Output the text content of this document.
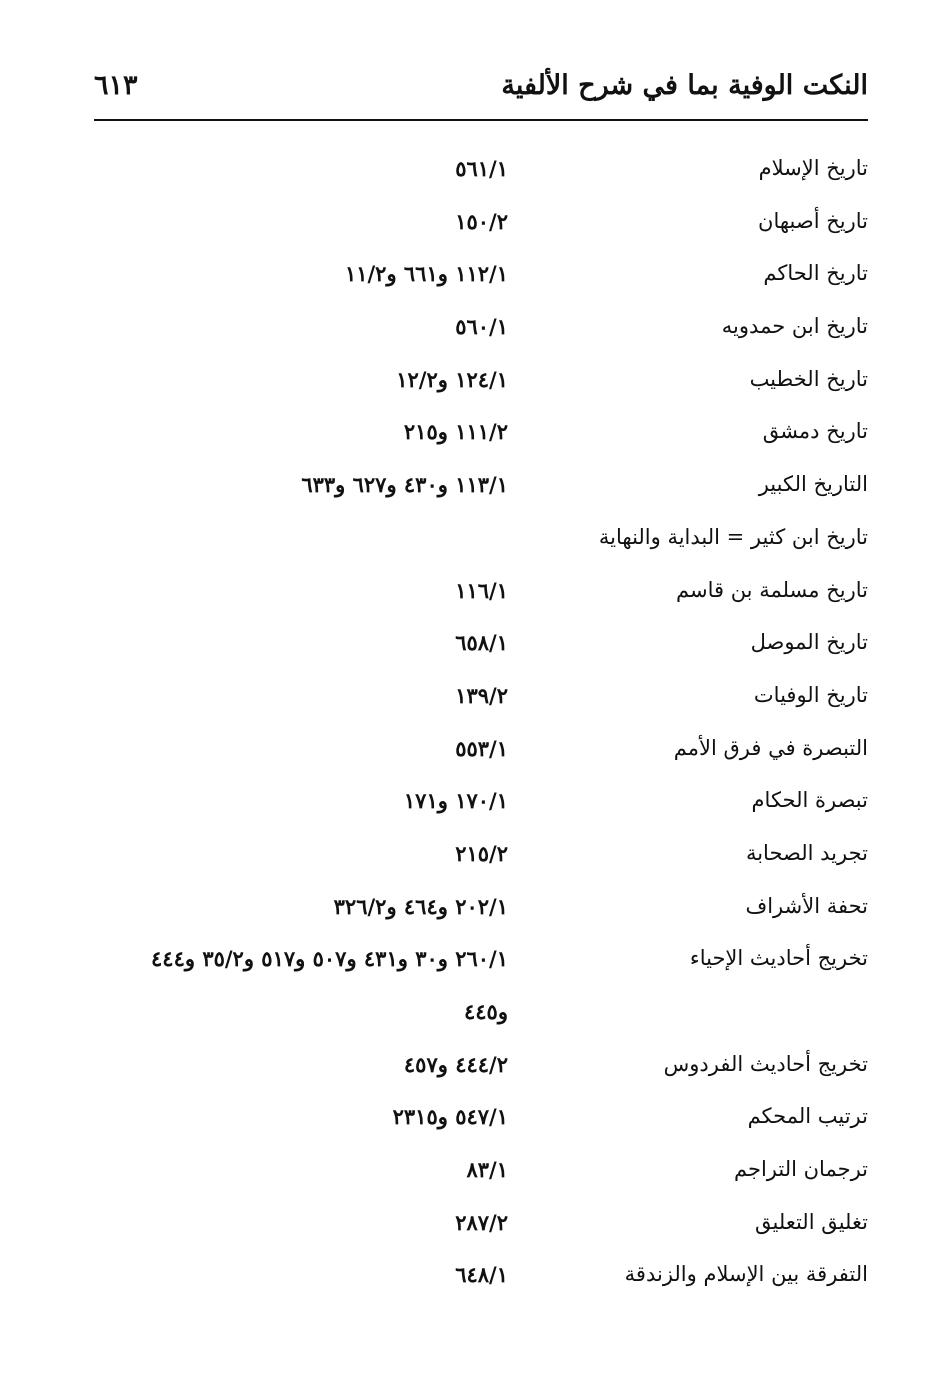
النكت الوفية بما في شرح الألفية
٦١٣
تاريخ الإسلام
٥٦١/١
تاريخ أصبهان
١٥٠/٢
تاريخ الحاكم
١١٢/١ و٦٦١ و١١/٢
تاريخ ابن حمدويه
٥٦٠/١
تاريخ الخطيب
١٢٤/١ و١٢/٢
تاريخ دمشق
١١١/٢ و٢١٥
التاريخ الكبير
١١٣/١ و٤٣٠ و٦٢٧ و٦٣٣
تاريخ ابن كثير = البداية والنهاية
تاريخ مسلمة بن قاسم
١١٦/١
تاريخ الموصل
٦٥٨/١
تاريخ الوفيات
١٣٩/٢
التبصرة في فرق الأمم
٥٥٣/١
تبصرة الحكام
١٧٠/١ و١٧١
تجريد الصحابة
٢١٥/٢
تحفة الأشراف
٢٠٢/١ و٤٦٤ و٣٢٦/٢
تخريج أحاديث الإحياء
٢٦٠/١ و٣٠ و٤٣١ و٥٠٧ و٥١٧ و٣٥/٢ و٤٤٤
و٤٤٥
تخريج أحاديث الفردوس
٤٤٤/٢ و٤٥٧
ترتيب المحكم
٥٤٧/١ و٢٣١٥
ترجمان التراجم
٨٣/١
تغليق التعليق
٢٨٧/٢
التفرقة بين الإسلام والزندقة
٦٤٨/١
